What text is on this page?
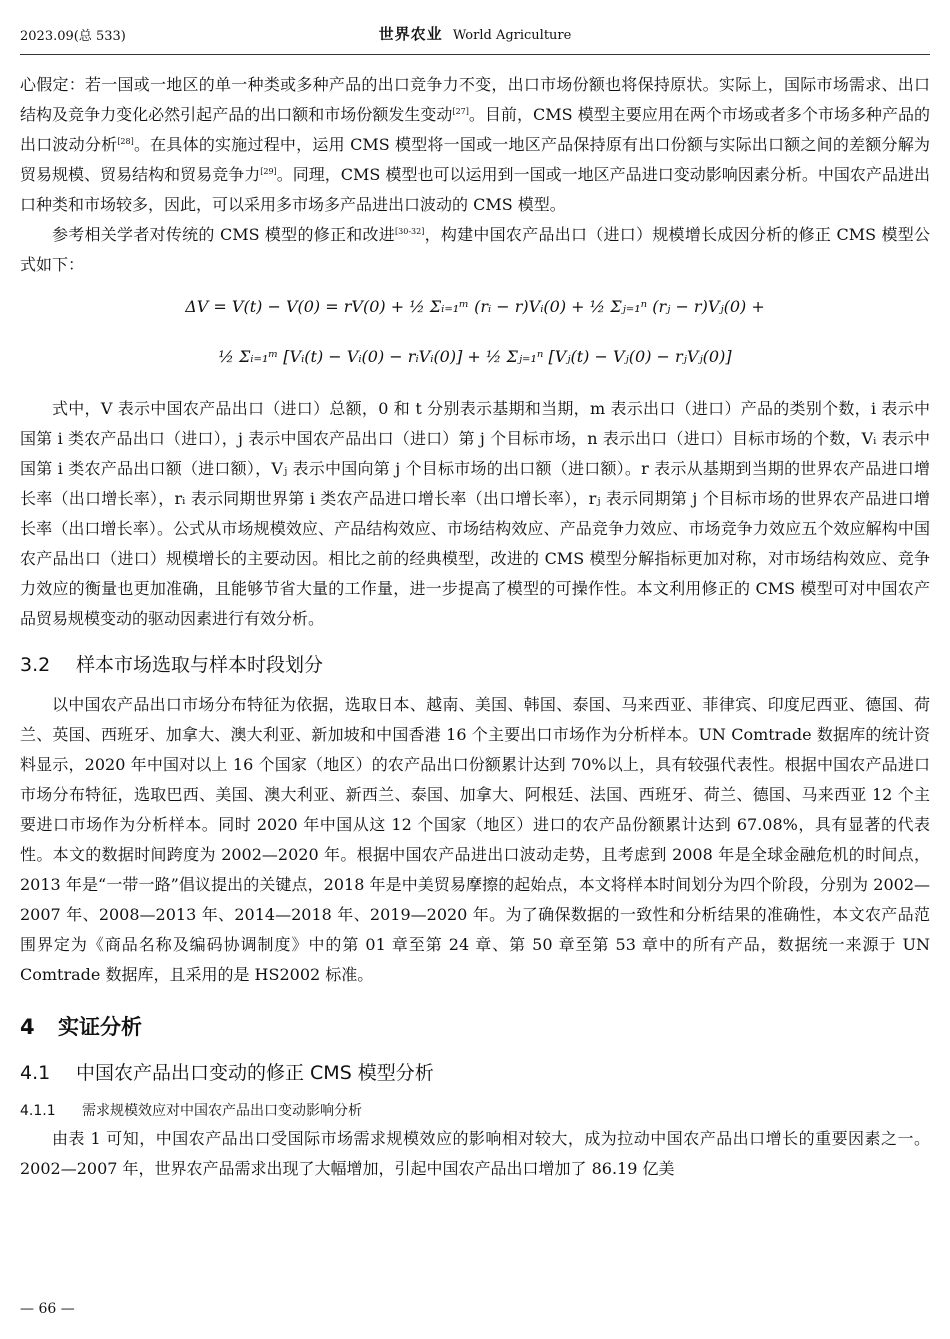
2023.09(总 533)	世界农业 World Agriculture

心假定：若一国或一地区的单一种类或多种产品的出口竞争力不变，出口市场份额也将保持原状。实际上，国际市场需求、出口结构及竞争力变化必然引起产品的出口额和市场份额发生变动[27]。目前，CMS 模型主要应用在两个市场或者多个市场多种产品的出口波动分析[28]。在具体的实施过程中，运用 CMS 模型将一国或一地区产品保持原有出口份额与实际出口额之间的差额分解为贸易规模、贸易结构和贸易竞争力[29]。同理，CMS 模型也可以运用到一国或一地区产品进口变动影响因素分析。中国农产品进出口种类和市场较多，因此，可以采用多市场多产品进出口波动的 CMS 模型。

参考相关学者对传统的 CMS 模型的修正和改进[30-32]，构建中国农产品出口（进口）规模增长成因分析的修正 CMS 模型公式如下：

ΔV = V(t) − V(0) = rV(0) + ½ Σᵢ₌₁ᵐ (rᵢ − r)Vᵢ(0) + ½ Σⱼ₌₁ⁿ (rⱼ − r)Vⱼ(0) +
½ Σᵢ₌₁ᵐ [Vᵢ(t) − Vᵢ(0) − rᵢVᵢ(0)] + ½ Σⱼ₌₁ⁿ [Vⱼ(t) − Vⱼ(0) − rⱼVⱼ(0)]

式中，V 表示中国农产品出口（进口）总额，0 和 t 分别表示基期和当期，m 表示出口（进口）产品的类别个数，i 表示中国第 i 类农产品出口（进口），j 表示中国农产品出口（进口）第 j 个目标市场，n 表示出口（进口）目标市场的个数，Vᵢ 表示中国第 i 类农产品出口额（进口额），Vⱼ 表示中国向第 j 个目标市场的出口额（进口额）。r 表示从基期到当期的世界农产品进口增长率（出口增长率），rᵢ 表示同期世界第 i 类农产品进口增长率（出口增长率），rⱼ 表示同期第 j 个目标市场的世界农产品进口增长率（出口增长率）。公式从市场规模效应、产品结构效应、市场结构效应、产品竞争力效应、市场竞争力效应五个效应解构中国农产品出口（进口）规模增长的主要动因。相比之前的经典模型，改进的 CMS 模型分解指标更加对称，对市场结构效应、竞争力效应的衡量也更加准确，且能够节省大量的工作量，进一步提高了模型的可操作性。本文利用修正的 CMS 模型可对中国农产品贸易规模变动的驱动因素进行有效分析。

3.2 样本市场选取与样本时段划分

以中国农产品出口市场分布特征为依据，选取日本、越南、美国、韩国、泰国、马来西亚、菲律宾、印度尼西亚、德国、荷兰、英国、西班牙、加拿大、澳大利亚、新加坡和中国香港 16 个主要出口市场作为分析样本。UN Comtrade 数据库的统计资料显示，2020 年中国对以上 16 个国家（地区）的农产品出口份额累计达到 70%以上，具有较强代表性。根据中国农产品进口市场分布特征，选取巴西、美国、澳大利亚、新西兰、泰国、加拿大、阿根廷、法国、西班牙、荷兰、德国、马来西亚 12 个主要进口市场作为分析样本。同时 2020 年中国从这 12 个国家（地区）进口的农产品份额累计达到 67.08%，具有显著的代表性。本文的数据时间跨度为 2002—2020 年。根据中国农产品进出口波动走势，且考虑到 2008 年是全球金融危机的时间点，2013 年是“一带一路”倡议提出的关键点，2018 年是中美贸易摩擦的起始点，本文将样本时间划分为四个阶段，分别为 2002—2007 年、2008—2013 年、2014—2018 年、2019—2020 年。为了确保数据的一致性和分析结果的准确性，本文农产品范围界定为《商品名称及编码协调制度》中的第 01 章至第 24 章、第 50 章至第 53 章中的所有产品，数据统一来源于 UN Comtrade 数据库，且采用的是 HS2002 标准。

4 实证分析
4.1 中国农产品出口变动的修正 CMS 模型分析
4.1.1 需求规模效应对中国农产品出口变动影响分析

由表 1 可知，中国农产品出口受国际市场需求规模效应的影响相对较大，成为拉动中国农产品出口增长的重要因素之一。2002—2007 年，世界农产品需求出现了大幅增加，引起中国农产品出口增加了 86.19 亿美

— 66 —
